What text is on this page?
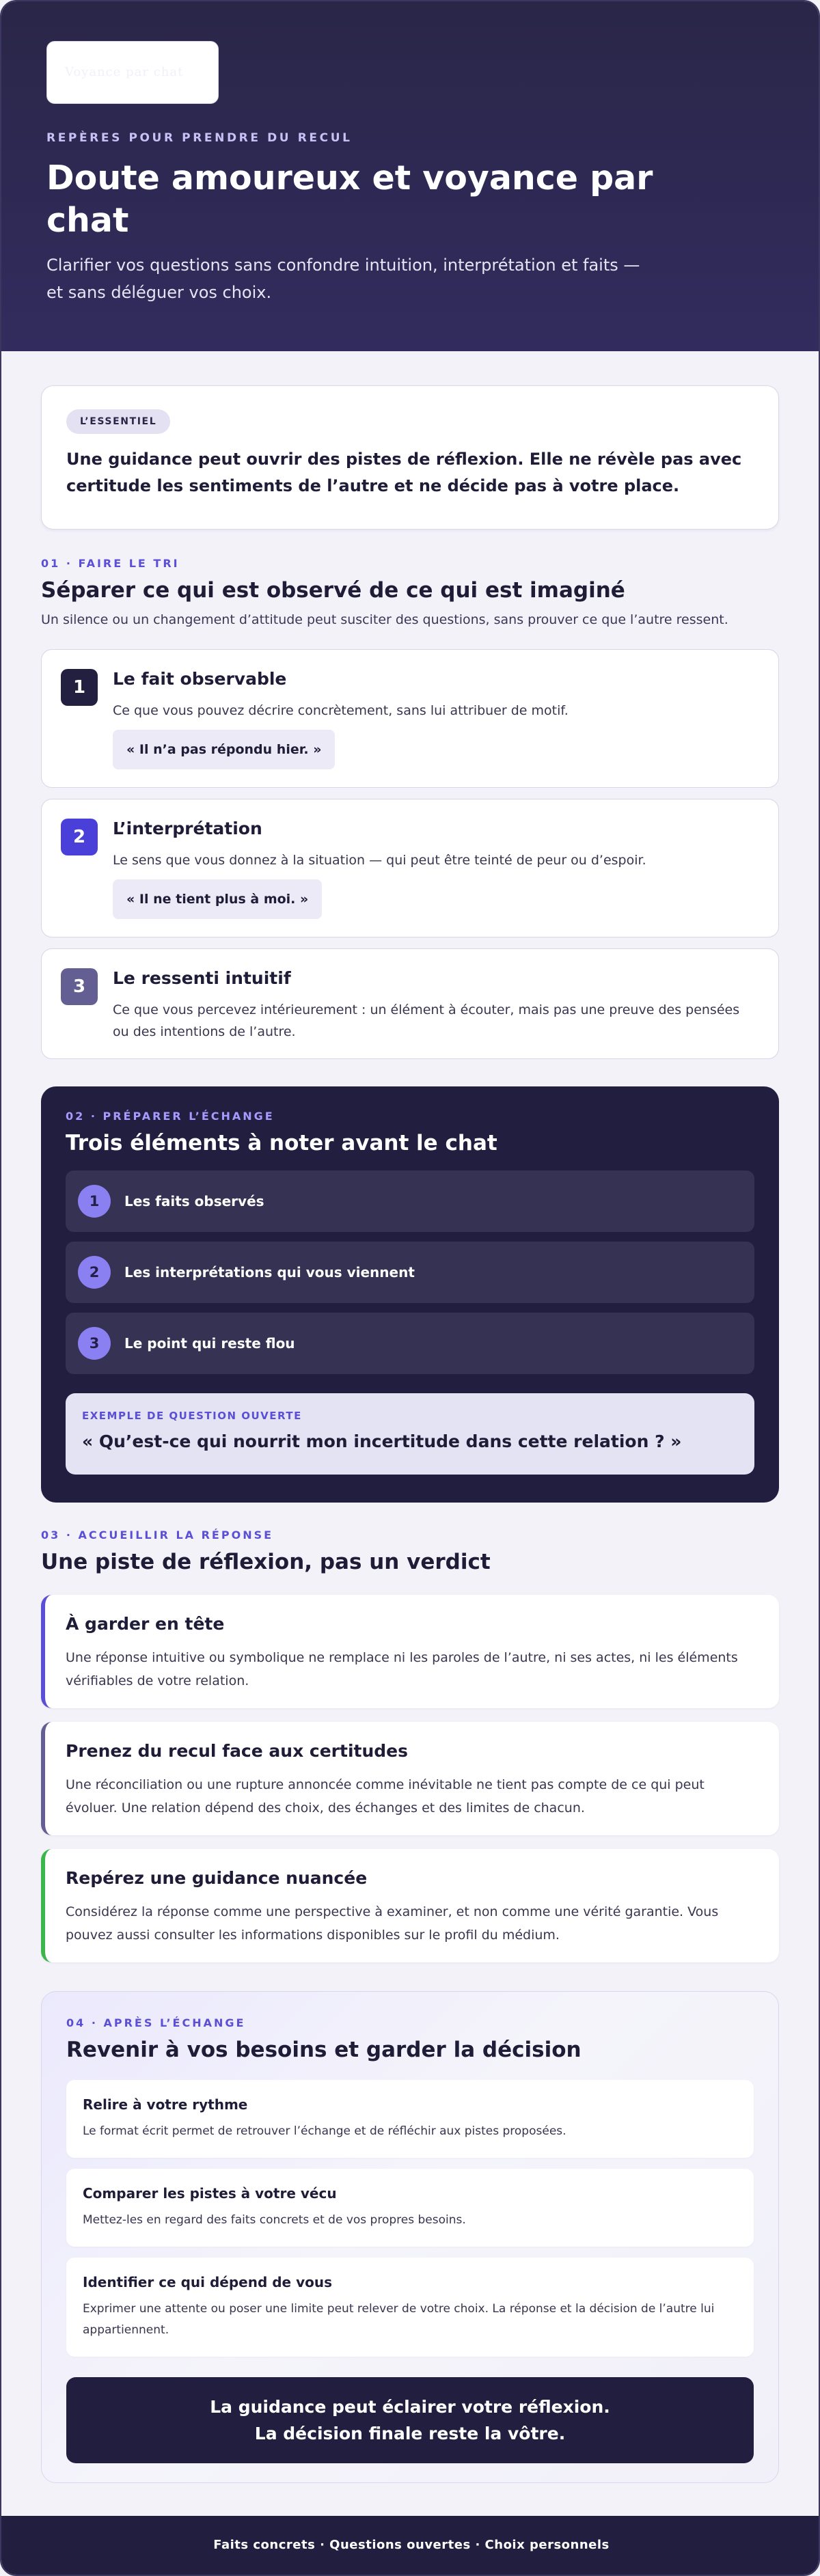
Voyance par chat
REPÈRES POUR PRENDRE DU RECUL
Doute amoureux et voyance par chat

Clarifier vos questions sans confondre intuition, interprétation et faits —
et sans déléguer vos choix.

L’ESSENTIEL

Une guidance peut ouvrir des pistes de réflexion. Elle ne révèle pas avec certitude les sentiments de l’autre et ne décide pas à votre place.

01 · FAIRE LE TRI
Séparer ce qui est observé de ce qui est imaginé

Un silence ou un changement d’attitude peut susciter des questions, sans prouver ce que l’autre ressent.

1	Le fait observable
Ce que vous pouvez décrire concrètement, sans lui attribuer de motif.
« Il n’a pas répondu hier. »
2	L’interprétation
Le sens que vous donnez à la situation — qui peut être teinté de peur ou d’espoir.
« Il ne tient plus à moi. »
3	Le ressenti intuitif
Ce que vous percevez intérieurement : un élément à écouter, mais pas une preuve des pensées ou des intentions de l’autre.
02 · PRÉPARER L’ÉCHANGE
Trois éléments à noter avant le chat
1	Les faits observés
2	Les interprétations qui vous viennent
3	Le point qui reste flou
EXEMPLE DE QUESTION OUVERTE
« Qu’est-ce qui nourrit mon incertitude dans cette relation ? »
03 · ACCUEILLIR LA RÉPONSE
Une piste de réflexion, pas un verdict
À garder en tête
Une réponse intuitive ou symbolique ne remplace ni les paroles de l’autre, ni ses actes, ni les éléments vérifiables de votre relation.
Prenez du recul face aux certitudes
Une réconciliation ou une rupture annoncée comme inévitable ne tient pas compte de ce qui peut évoluer. Une relation dépend des choix, des échanges et des limites de chacun.
Repérez une guidance nuancée
Considérez la réponse comme une perspective à examiner, et non comme une vérité garantie. Vous pouvez aussi consulter les informations disponibles sur le profil du médium.
04 · APRÈS L’ÉCHANGE
Revenir à vos besoins et garder la décision
Relire à votre rythme
Le format écrit permet de retrouver l’échange et de réfléchir aux pistes proposées.
Comparer les pistes à votre vécu
Mettez-les en regard des faits concrets et de vos propres besoins.
Identifier ce qui dépend de vous
Exprimer une attente ou poser une limite peut relever de votre choix. La réponse et la décision de l’autre lui appartiennent.
La guidance peut éclairer votre réflexion.
La décision finale reste la vôtre.
Faits concrets · Questions ouvertes · Choix personnels
